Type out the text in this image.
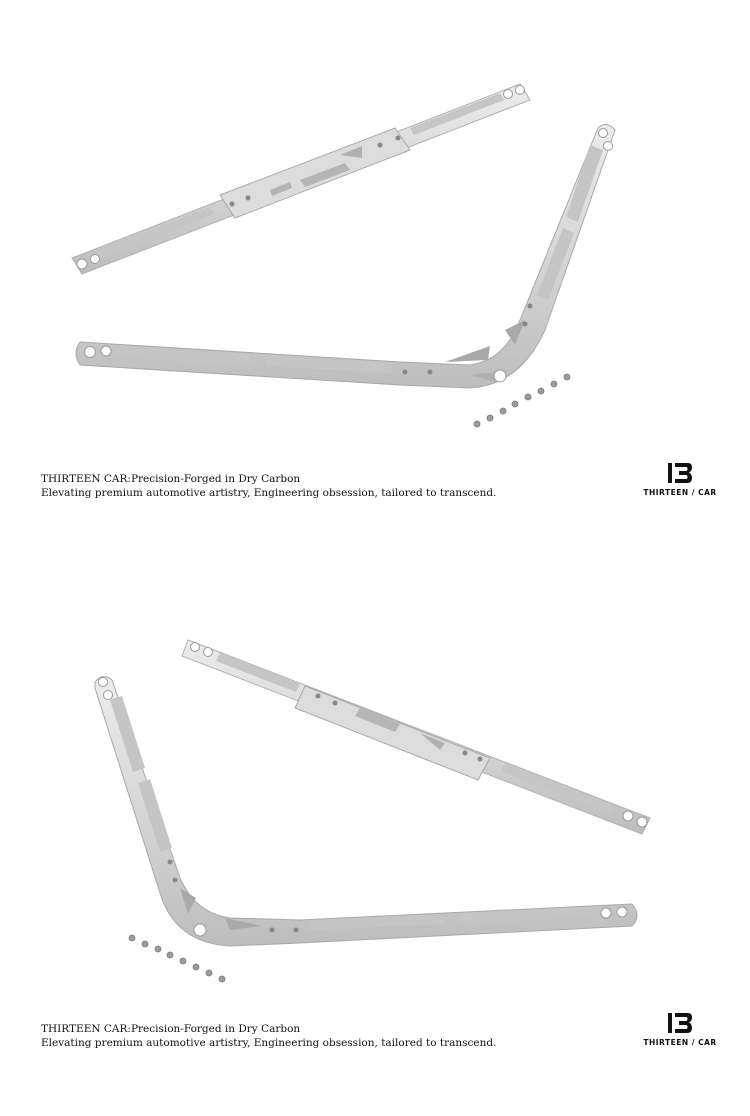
THIRTEEN CAR:Precision-Forged in Dry Carbon
Elevating premium automotive artistry, Engineering obsession, tailored to transcend.	THIRTEEN / CAR
THIRTEEN CAR:Precision-Forged in Dry Carbon
Elevating premium automotive artistry, Engineering obsession, tailored to transcend.	THIRTEEN / CAR
